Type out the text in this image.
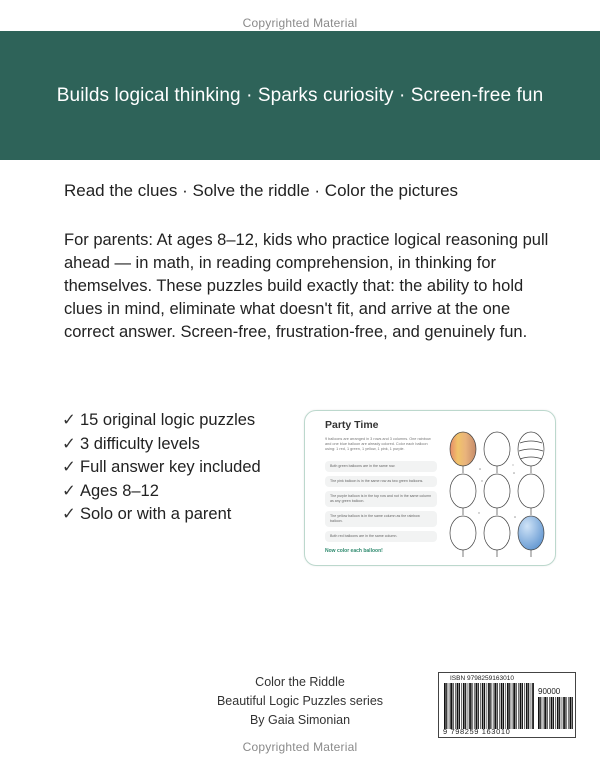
Copyrighted Material
Builds logical thinking · Sparks curiosity · Screen-free fun
Read the clues · Solve the riddle · Color the pictures

For parents: At ages 8–12, kids who practice logical reasoning pull ahead — in math, in reading comprehension, in thinking for themselves. These puzzles build exactly that: the ability to hold clues in mind, eliminate what doesn't fit, and arrive at the one correct answer. Screen-free, frustration-free, and genuinely fun.

✓ 15 original logic puzzles
✓ 3 difficulty levels
✓ Full answer key included
✓ Ages 8–12
✓ Solo or with a parent
Party Time
9 balloons are arranged in 3 rows and 3 columns. One rainbow and one blue balloon are already colored. Color each balloon using: 1 red, 1 green, 1 yellow, 1 pink, 1 purple.
Both green balloons are in the same row.
The pink balloon is in the same row as two green balloons.
The purple balloon is in the top row and not in the same column as any green balloon.
The yellow balloon is in the same column as the rainbow balloon.
Both red balloons are in the same column.
Now color each balloon!
Color the Riddle
Beautiful Logic Puzzles series
By Gaia Simonian
ISBN 9798259163010
90000
9 798259 163010
Copyrighted Material
